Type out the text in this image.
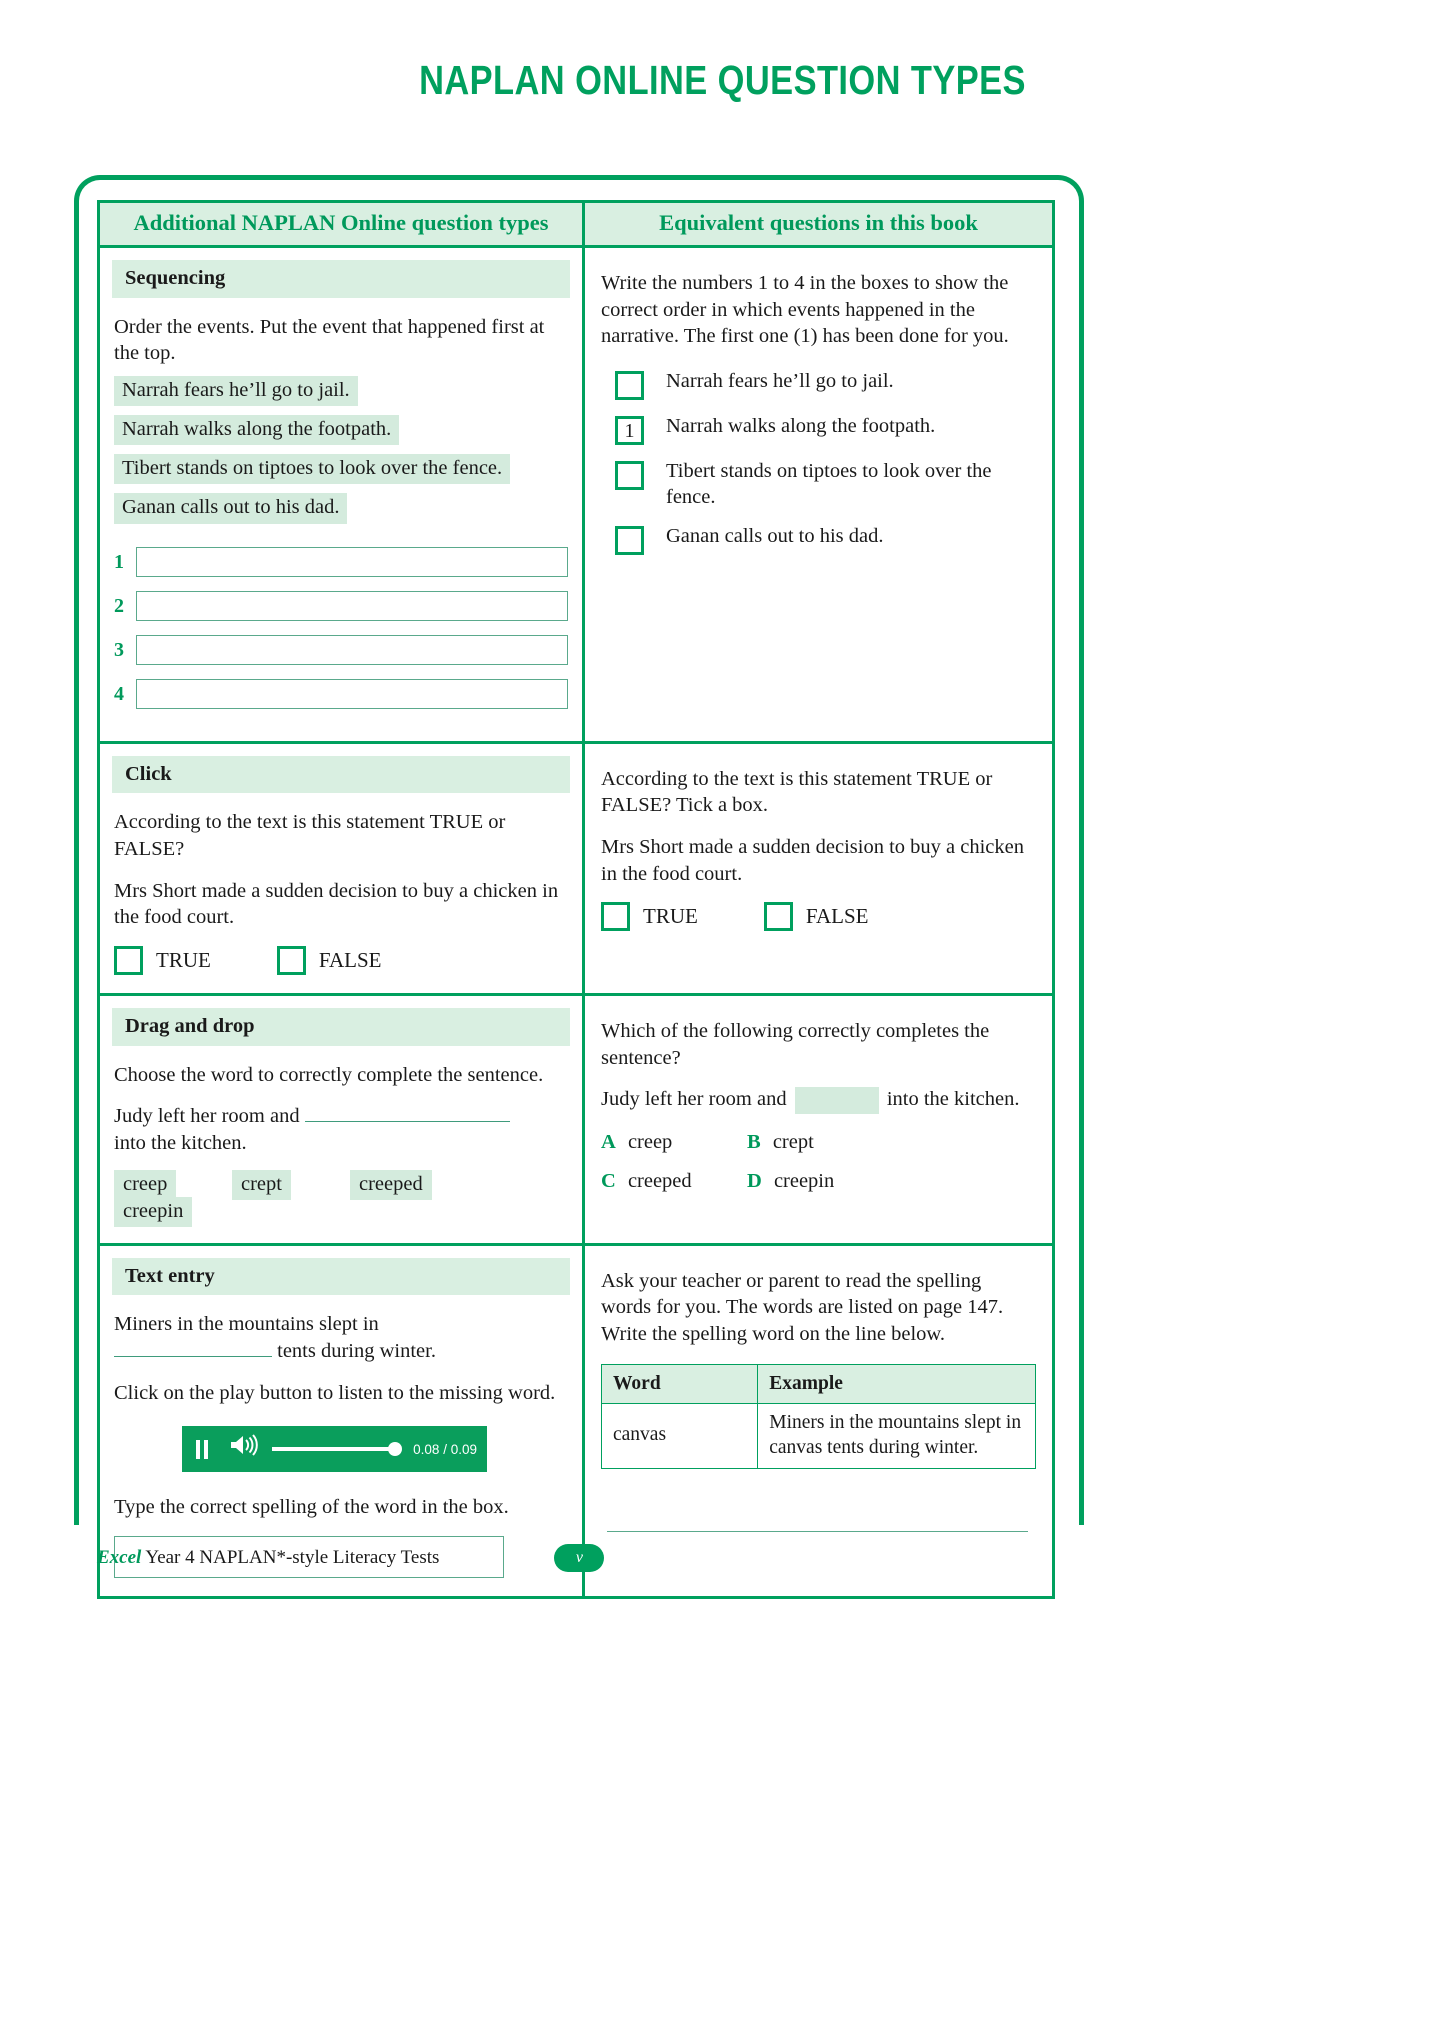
NAPLAN ONLINE QUESTION TYPES
Additional NAPLAN Online question types	Equivalent questions in this book

Sequencing

Order the events. Put the event that happened first at the top.

Narrah fears he’ll go to jail.
Narrah walks along the footpath.
Tibert stands on tiptoes to look over the fence.
Ganan calls out to his dad.
1
2
3
4

Write the numbers 1 to 4 in the boxes to show the correct order in which events happened in the narrative. The first one (1) has been done for you.

Narrah fears he’ll go to jail.
1	Narrah walks along the footpath.
Tibert stands on tiptoes to look over the fence.
Ganan calls out to his dad.

Click

According to the text is this statement TRUE or FALSE?

Mrs Short made a sudden decision to buy a chicken in the food court.

TRUE	FALSE

According to the text is this statement TRUE or FALSE? Tick a box.

Mrs Short made a sudden decision to buy a chicken in the food court.

TRUE	FALSE

Drag and drop

Choose the word to correctly complete the sentence.

Judy left her room and
into the kitchen.

creep	crept	creeped
creepin

Which of the following correctly completes the sentence?

Judy left her room and	into the kitchen.

A creep	B crept
C creeped	D creepin

Text entry

Miners in the mountains slept in
tents during winter.

Click on the play button to listen to the missing word.

0.08 / 0.09

Type the correct spelling of the word in the box.

Ask your teacher or parent to read the spelling words for you. The words are listed on page 147. Write the spelling word on the line below.

Word	Example
canvas	Miners in the mountains slept in canvas tents during winter.
Excel Year 4 NAPLAN*-style Literacy Tests	v
